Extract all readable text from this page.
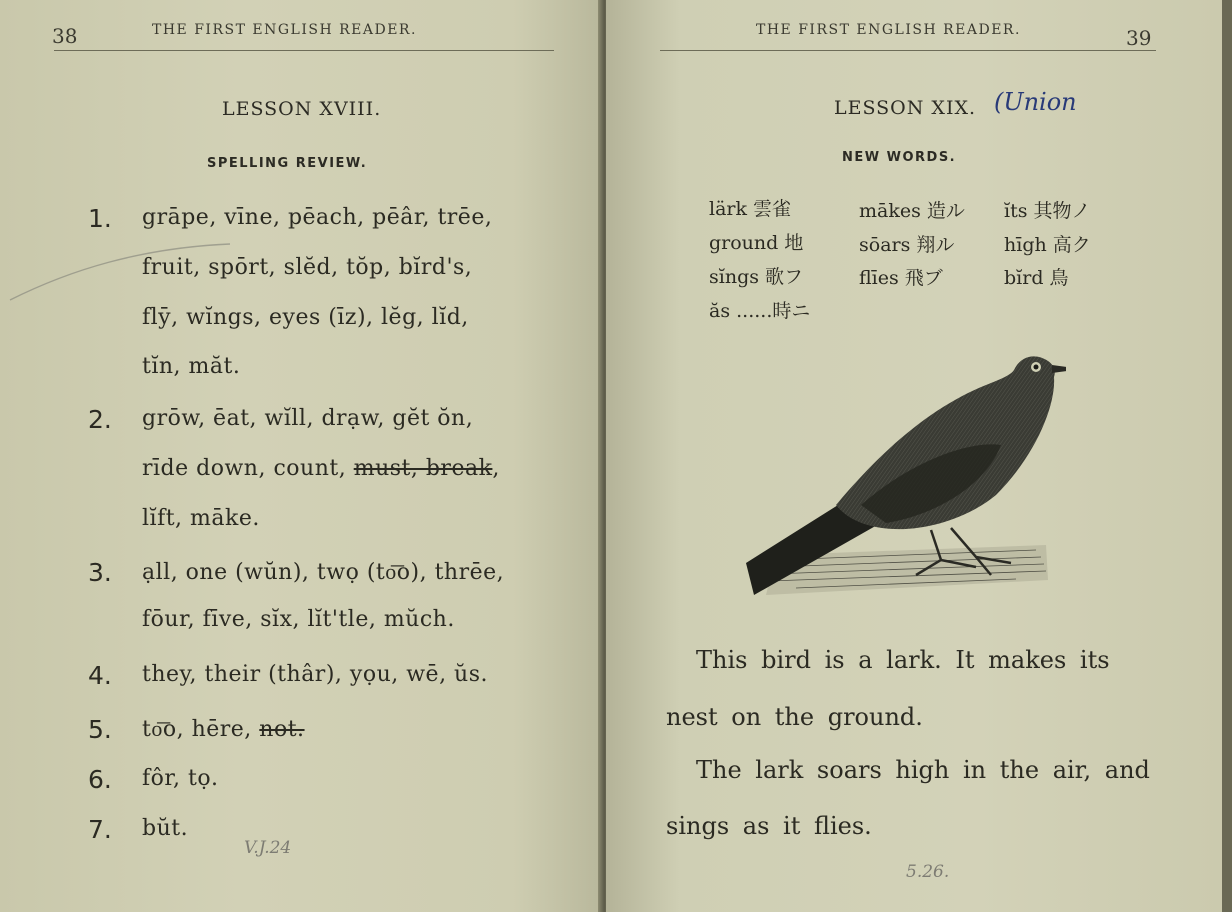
38	THE FIRST ENGLISH READER.
LESSON XVIII.
SPELLING REVIEW.
1. grāpe, vīne, pēach, pēâr, trēe,
fruit, spōrt, slĕd, tŏp, bĭrd's,
flȳ, wĭngs, eyes (īz), lĕg, lĭd,
tĭn, măt.
2. grōw, ēat, wĭll, drạw, gĕt ŏn,
rīde down, count, must, break,
lĭft, māke.
3. ạll, one (wŭn), twọ (to͞o), thrēe,
fōur, fīve, sĭx, lĭt'tle, mŭch.
4. they, their (thâr), yọu, wē, ŭs.
5. to͞o, hēre, not.
6. fôr, tọ.
7. bŭt.
V.J.24
THE FIRST ENGLISH READER.	39
LESSON XIX. (Union
NEW WORDS.
lärk 雲雀	mākes 造ル ĭts 其物ノ
ground 地	sōars 翔ル	hīgh 高ク
sĭngs 歌フ	flīes 飛ブ	bĭrd 鳥
ăs ......時ニ
This bird is a lark. It makes its
nest on the ground.
The lark soars high in the air, and
sings as it flies.
5.26.
